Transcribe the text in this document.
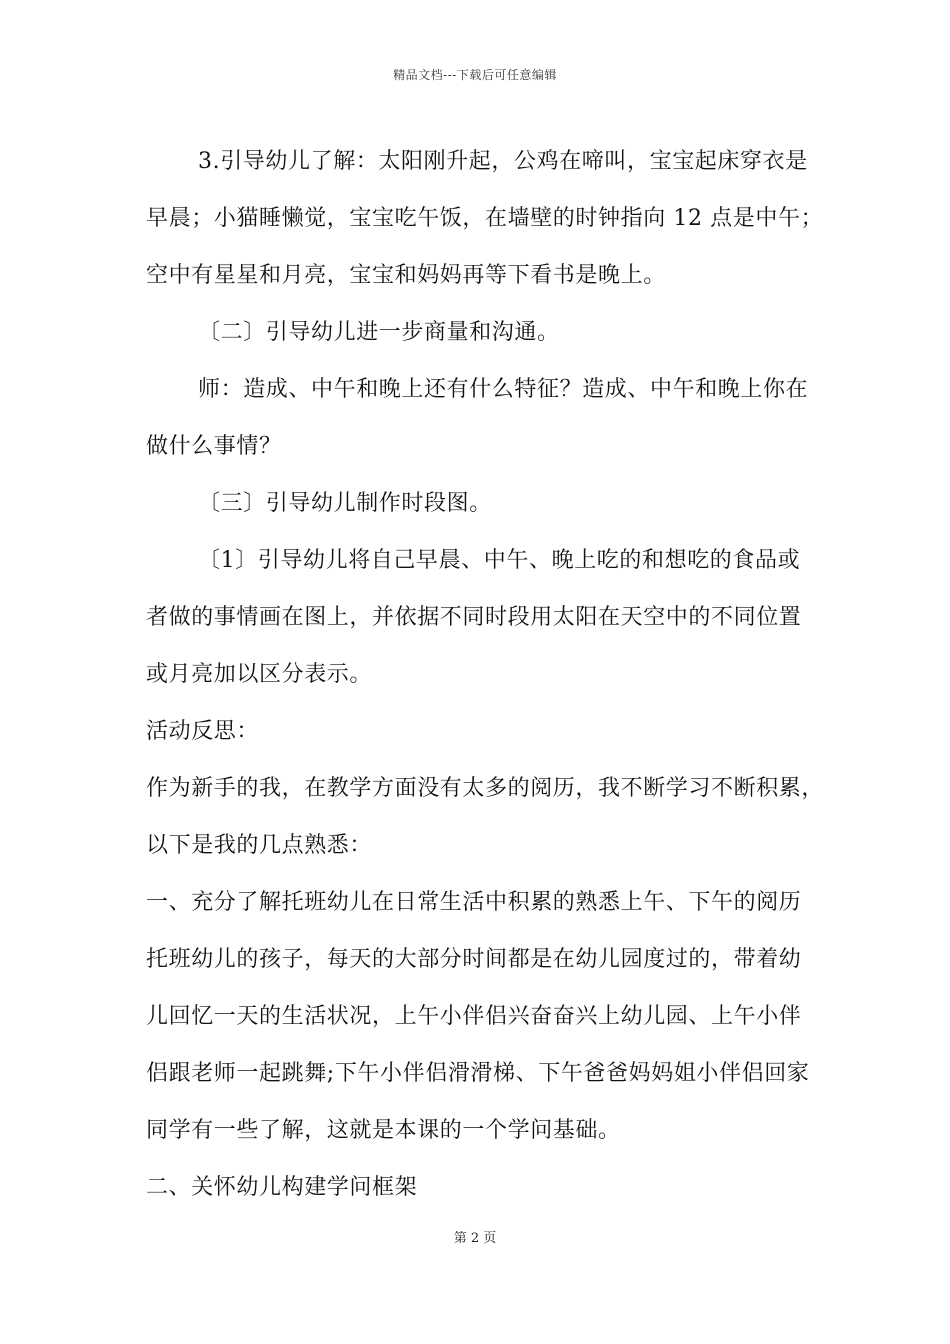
精品文档---下载后可任意编辑
3.引导幼儿了解：太阳刚升起，公鸡在啼叫，宝宝起床穿衣是
早晨；小猫睡懒觉，宝宝吃午饭，在墙壁的时钟指向 12 点是中午；
空中有星星和月亮，宝宝和妈妈再等下看书是晚上。
〔二〕引导幼儿进一步商量和沟通。
师：造成、中午和晚上还有什么特征？造成、中午和晚上你在
做什么事情？
〔三〕引导幼儿制作时段图。
〔1〕引导幼儿将自己早晨、中午、晚上吃的和想吃的食品或
者做的事情画在图上，并依据不同时段用太阳在天空中的不同位置
或月亮加以区分表示。
活动反思：
作为新手的我，在教学方面没有太多的阅历，我不断学习不断积累，
以下是我的几点熟悉：
一、充分了解托班幼儿在日常生活中积累的熟悉上午、下午的阅历
托班幼儿的孩子，每天的大部分时间都是在幼儿园度过的，带着幼
儿回忆一天的生活状况，上午小伴侣兴奋奋兴上幼儿园、上午小伴
侣跟老师一起跳舞;下午小伴侣滑滑梯、下午爸爸妈妈姐小伴侣回家
同学有一些了解，这就是本课的一个学问基础。
二、关怀幼儿构建学问框架
第 2 页
